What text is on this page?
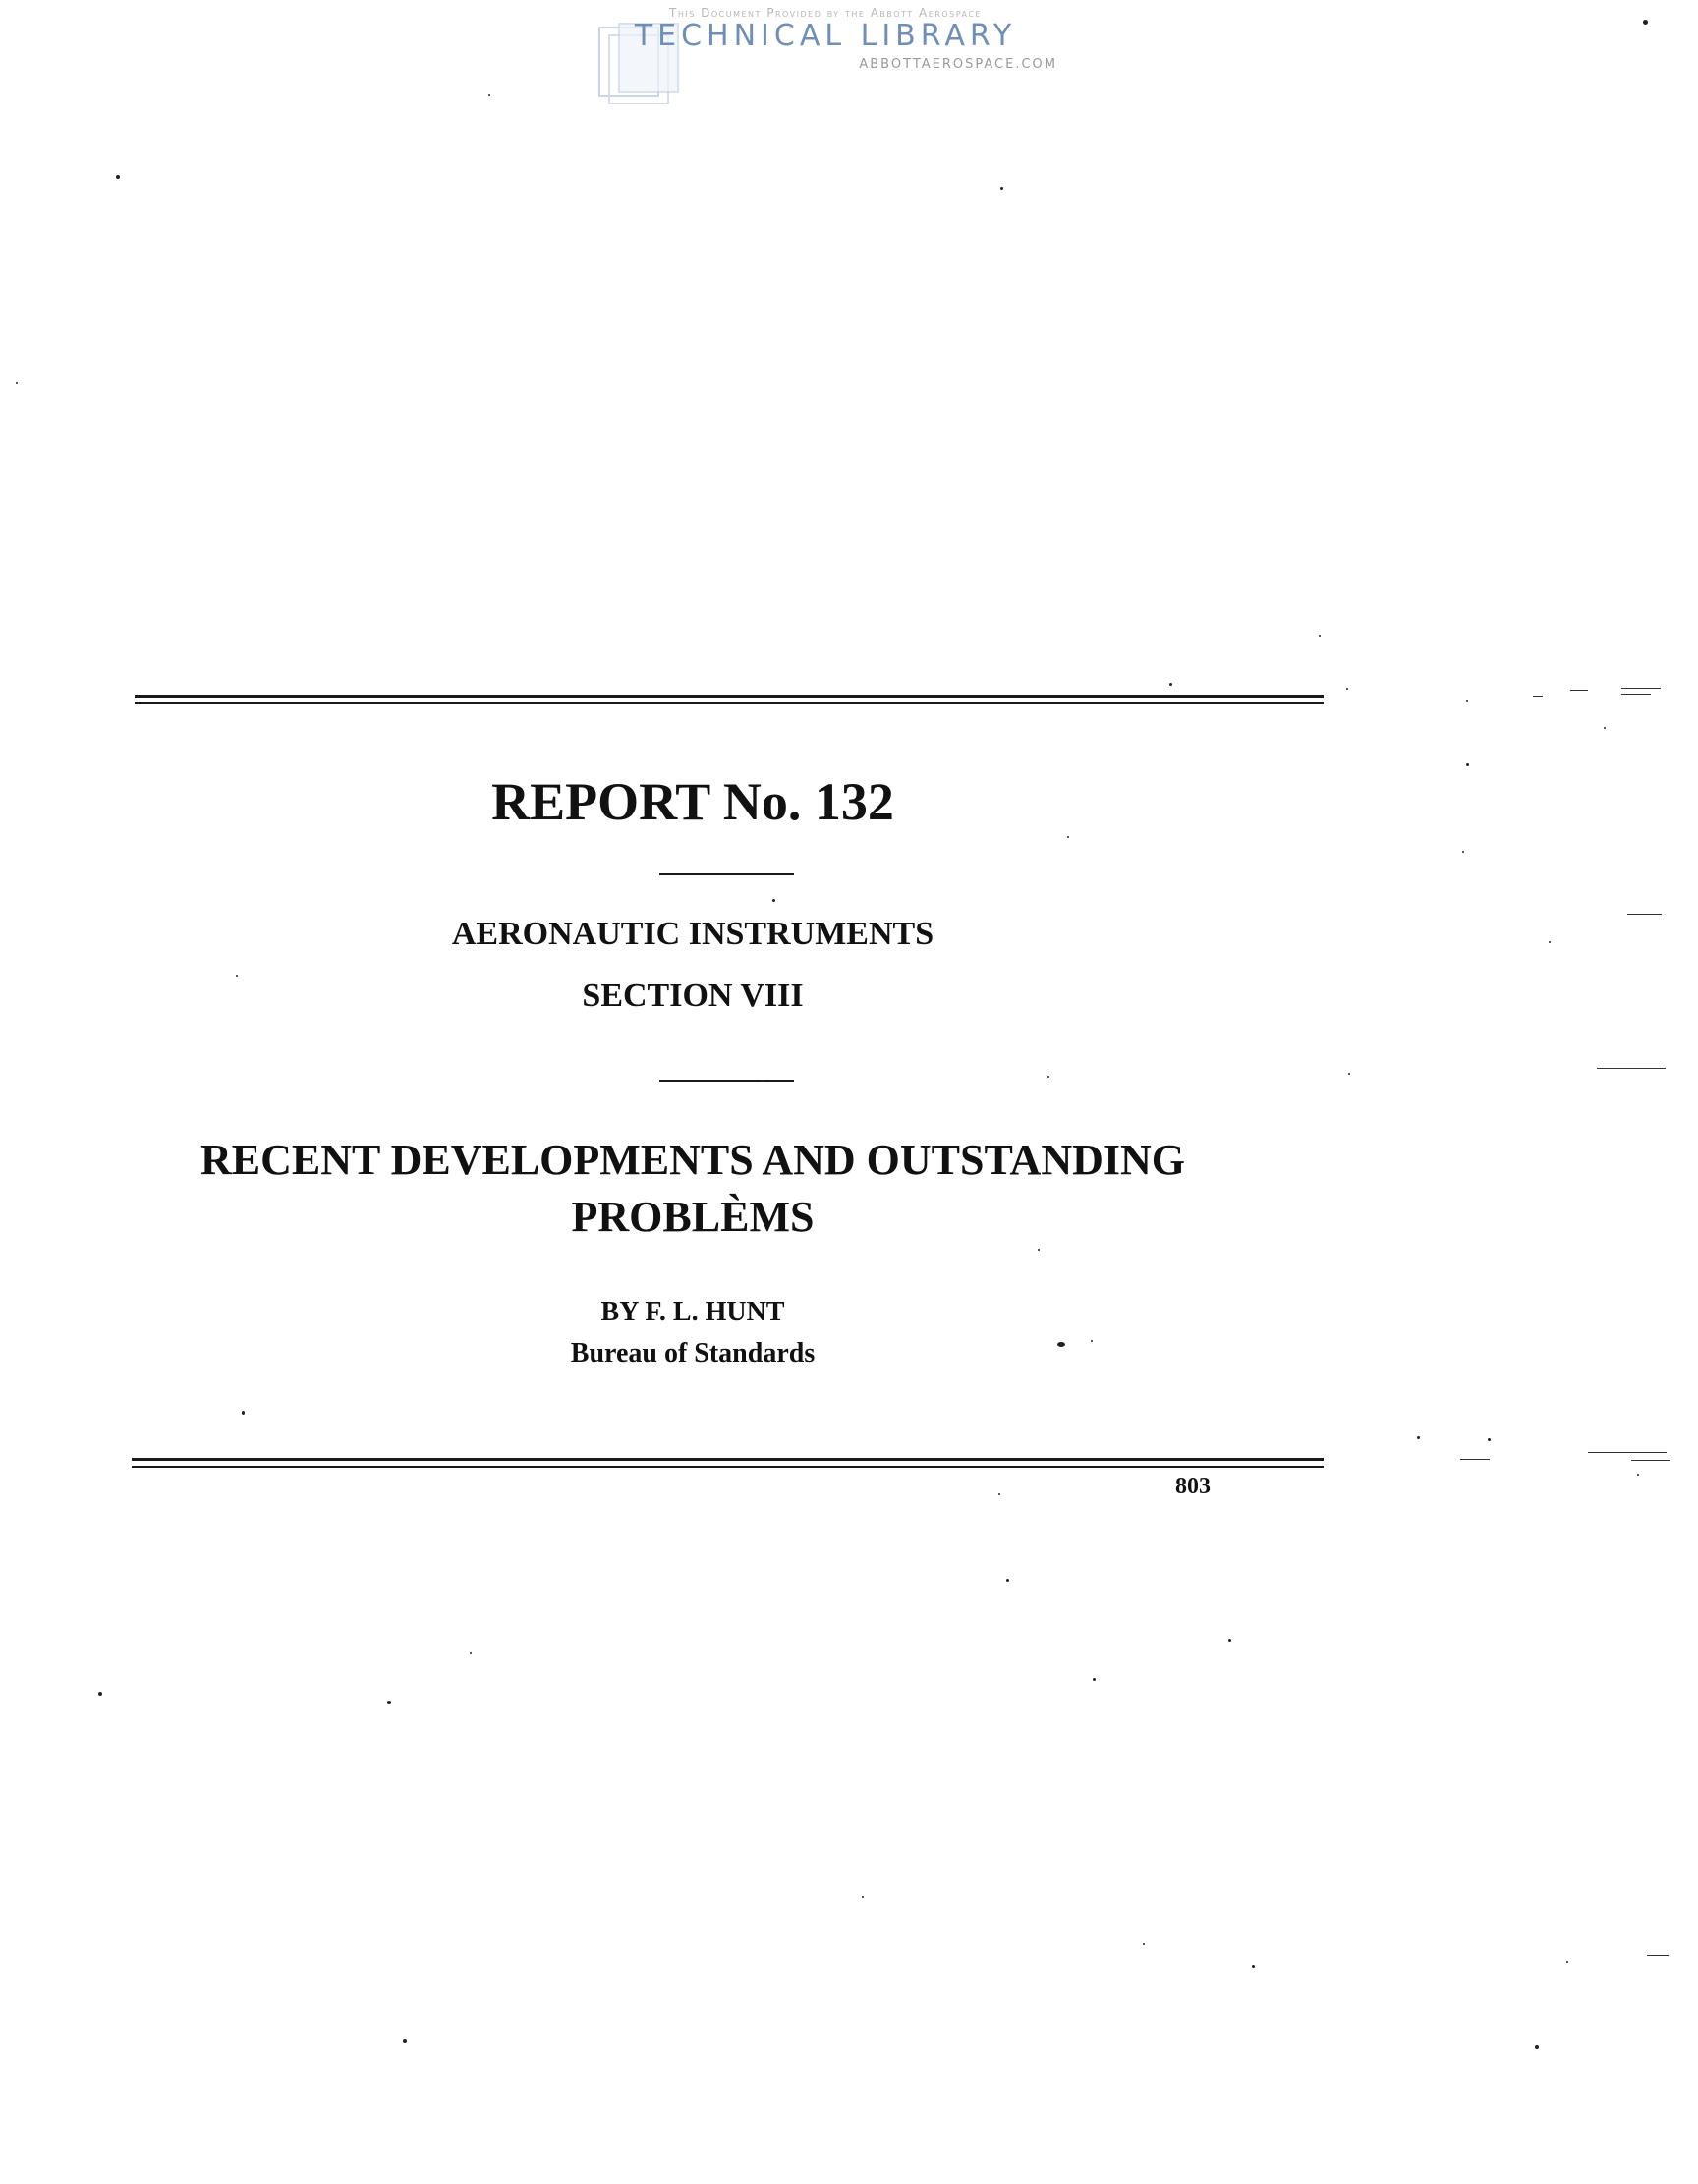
This Document Provided by the Abbott Aerospace
TECHNICAL LIBRARY
ABBOTTAEROSPACE.COM
REPORT No. 132
AERONAUTIC INSTRUMENTS
SECTION VIII
RECENT DEVELOPMENTS AND OUTSTANDING PROBLÈMS
BY F. L. HUNT
Bureau of Standards
803
